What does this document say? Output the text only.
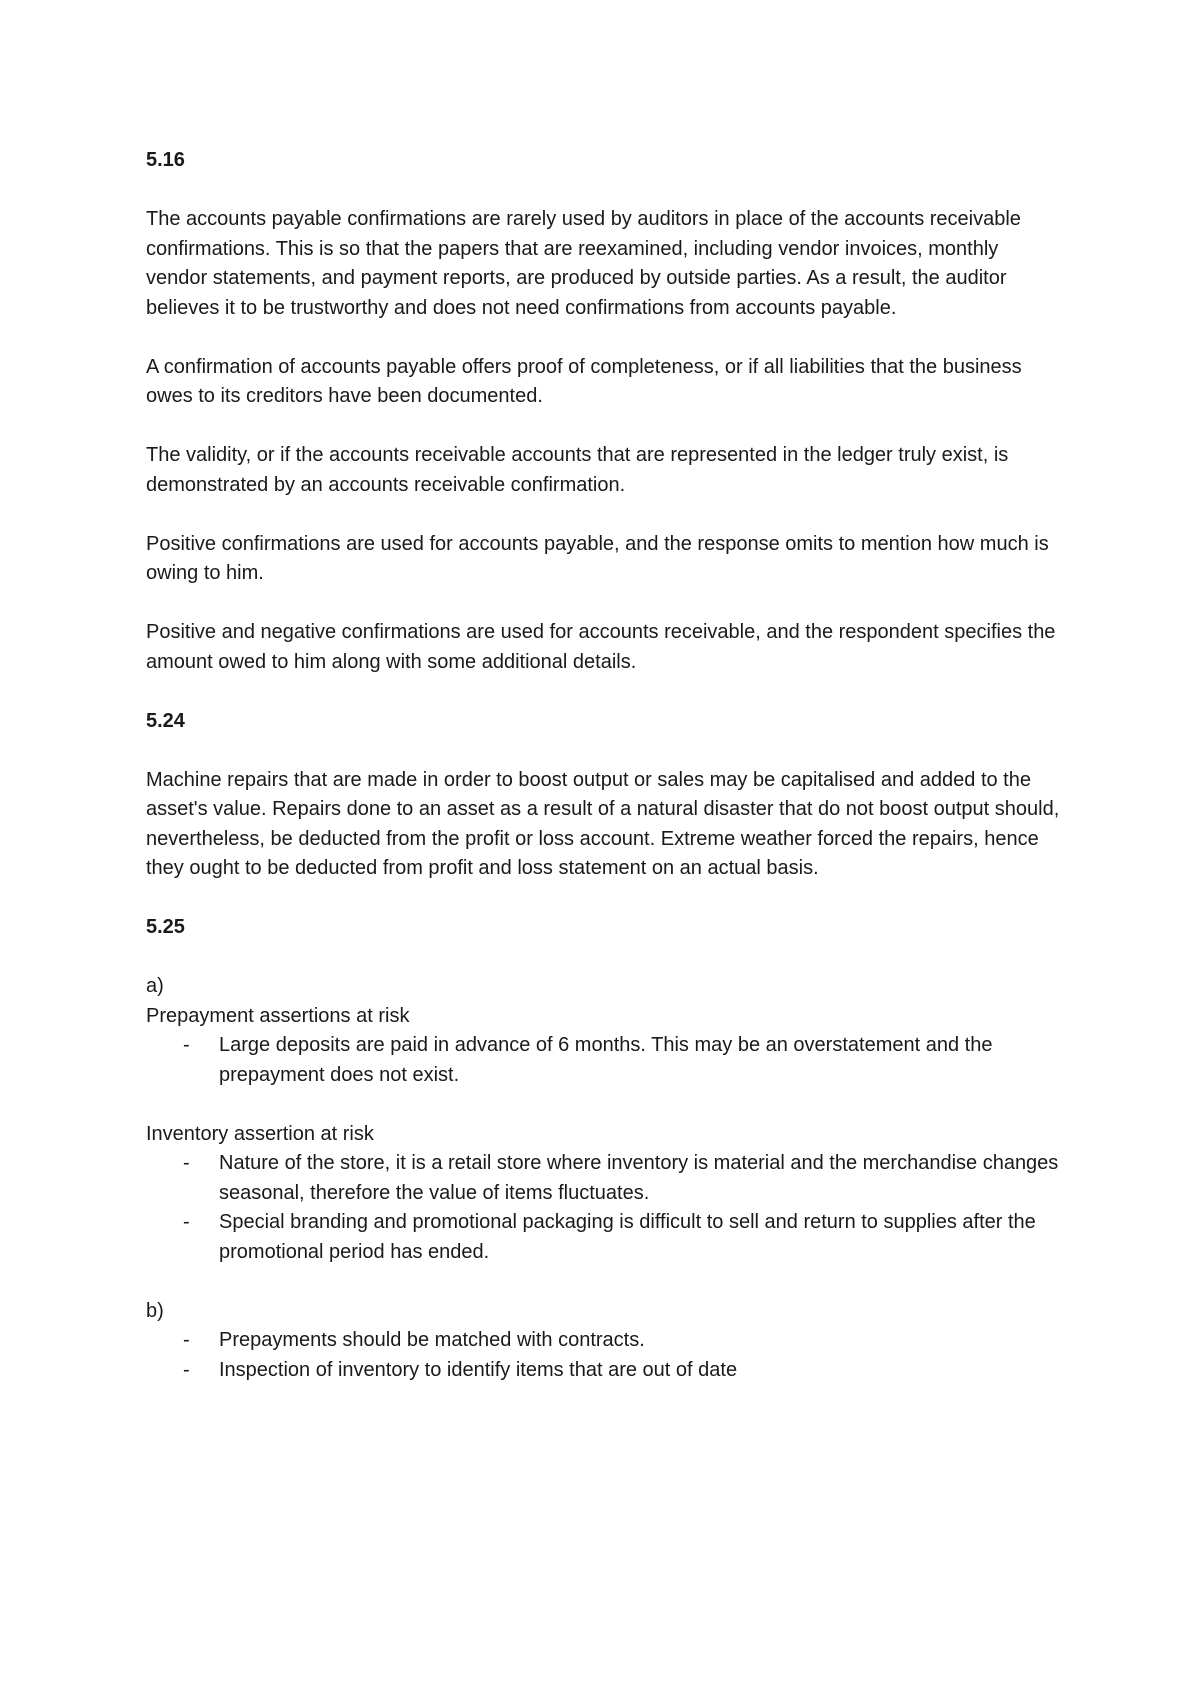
5.16

The accounts payable confirmations are rarely used by auditors in place of the accounts receivable confirmations. This is so that the papers that are reexamined, including vendor invoices, monthly vendor statements, and payment reports, are produced by outside parties. As a result, the auditor believes it to be trustworthy and does not need confirmations from accounts payable.

A confirmation of accounts payable offers proof of completeness, or if all liabilities that the business owes to its creditors have been documented.

The validity, or if the accounts receivable accounts that are represented in the ledger truly exist, is demonstrated by an accounts receivable confirmation.

Positive confirmations are used for accounts payable, and the response omits to mention how much is owing to him.

Positive and negative confirmations are used for accounts receivable, and the respondent specifies the amount owed to him along with some additional details.

5.24

Machine repairs that are made in order to boost output or sales may be capitalised and added to the asset's value. Repairs done to an asset as a result of a natural disaster that do not boost output should, nevertheless, be deducted from the profit or loss account. Extreme weather forced the repairs, hence they ought to be deducted from profit and loss statement on an actual basis.

5.25
a)
Prepayment assertions at risk
- Large deposits are paid in advance of 6 months. This may be an overstatement and the prepayment does not exist.
Inventory assertion at risk
- Nature of the store, it is a retail store where inventory is material and the merchandise changes seasonal, therefore the value of items fluctuates.
- Special branding and promotional packaging is difficult to sell and return to supplies after the promotional period has ended.
b)
- Prepayments should be matched with contracts.
- Inspection of inventory to identify items that are out of date
